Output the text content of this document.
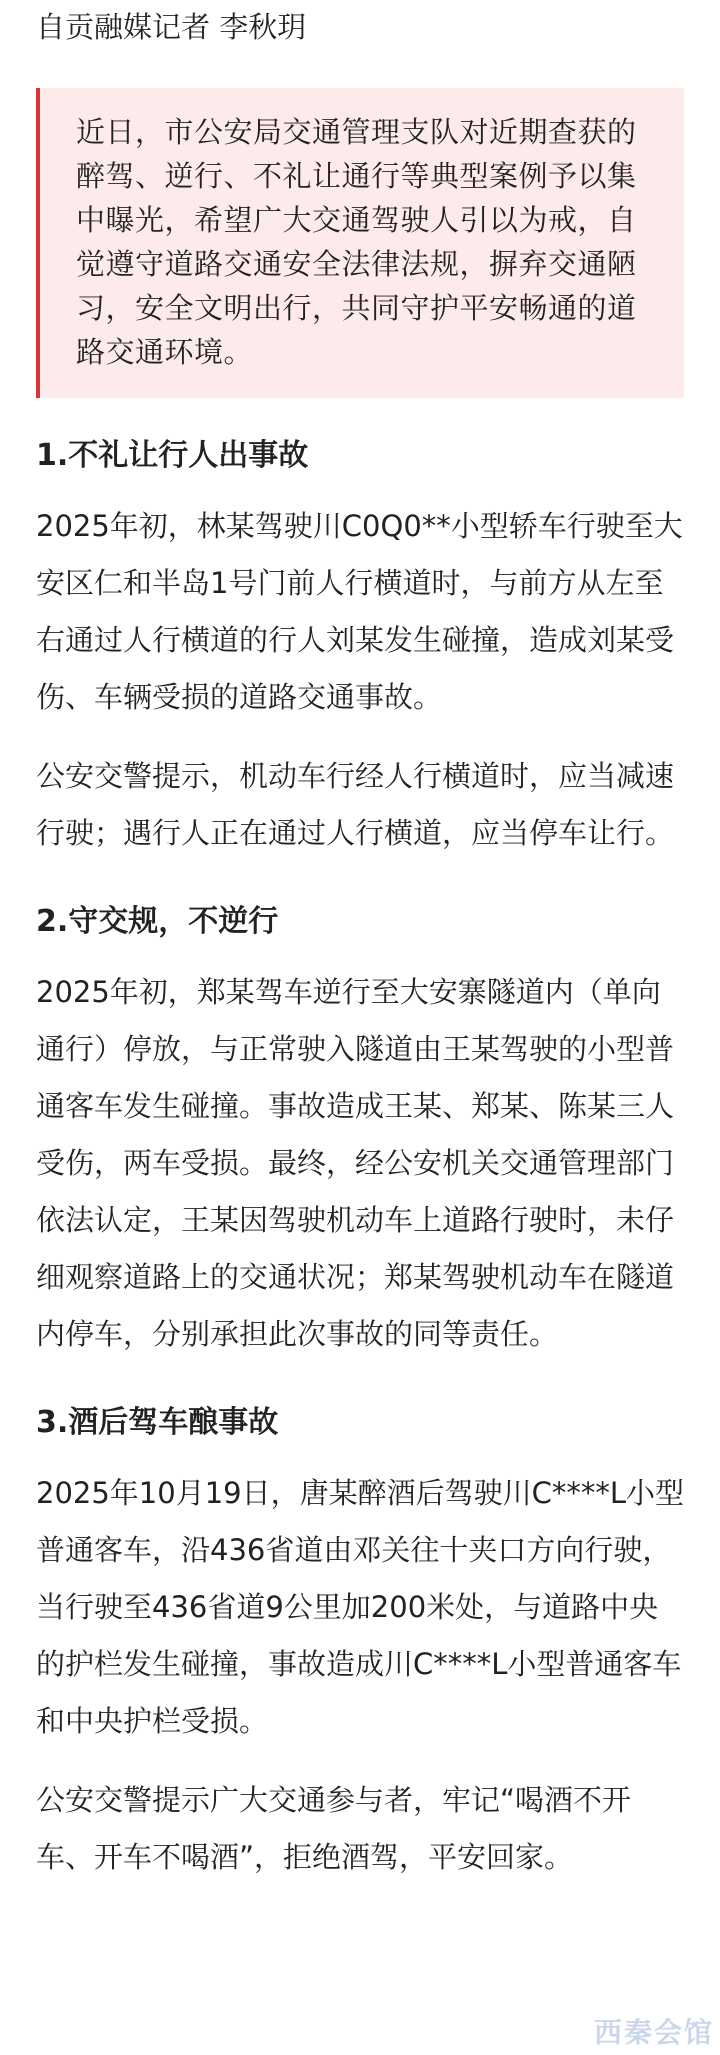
自贡融媒记者 李秋玥

近日，市公安局交通管理支队对近期查获的醉驾、逆行、不礼让通行等典型案例予以集中曝光，希望广大交通驾驶人引以为戒，自觉遵守道路交通安全法律法规，摒弃交通陋习，安全文明出行，共同守护平安畅通的道路交通环境。

1.不礼让行人出事故

2025年初，林某驾驶川C0Q0**小型轿车行驶至大安区仁和半岛1号门前人行横道时，与前方从左至右通过人行横道的行人刘某发生碰撞，造成刘某受伤、车辆受损的道路交通事故。

公安交警提示，机动车行经人行横道时，应当减速行驶；遇行人正在通过人行横道，应当停车让行。

2.守交规，不逆行

2025年初，郑某驾车逆行至大安寨隧道内（单向通行）停放，与正常驶入隧道由王某驾驶的小型普通客车发生碰撞。事故造成王某、郑某、陈某三人受伤，两车受损。最终，经公安机关交通管理部门依法认定，王某因驾驶机动车上道路行驶时，未仔细观察道路上的交通状况；郑某驾驶机动车在隧道内停车，分别承担此次事故的同等责任。

3.酒后驾车酿事故

2025年10月19日，唐某醉酒后驾驶川C****L小型普通客车，沿436省道由邓关往十夹口方向行驶，当行驶至436省道9公里加200米处，与道路中央的护栏发生碰撞，事故造成川C****L小型普通客车和中央护栏受损。

公安交警提示广大交通参与者，牢记“喝酒不开车、开车不喝酒”，拒绝酒驾，平安回家。

西秦会馆
